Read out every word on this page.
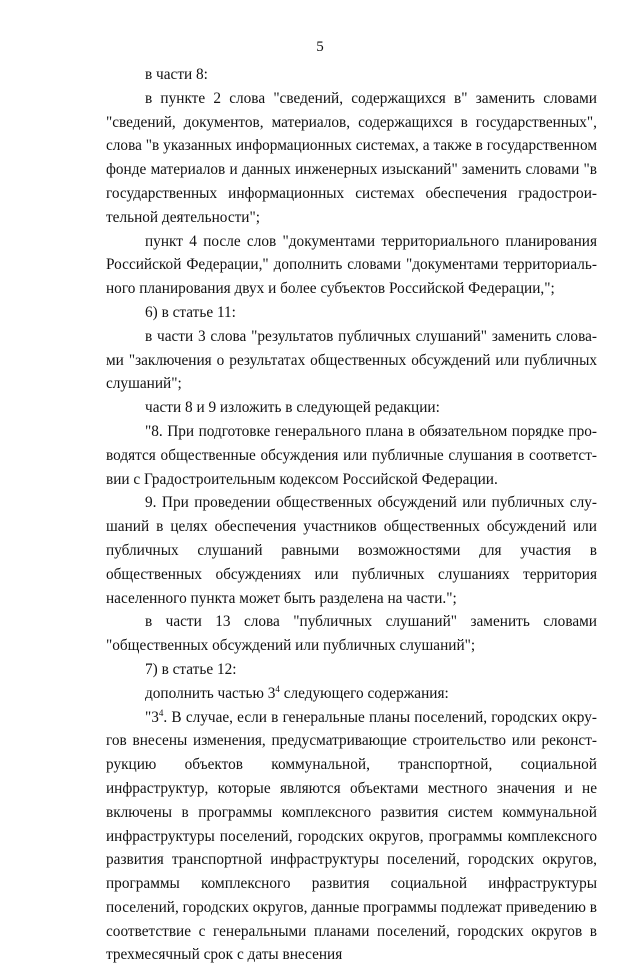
5

в части 8:

в пункте 2 слова "сведений, содержащихся в" заменить словами "сведений, документов, материалов, содержащихся в государственных", слова "в указанных информационных системах, а также в государственном фонде материалов и данных инженерных изысканий" заменить словами "в государственных информационных системах обеспечения градостроительной деятельности";

пункт 4 после слов "документами территориального планирования Российской Федерации," дополнить словами "документами территориального планирования двух и более субъектов Российской Федерации,";

6) в статье 11:

в части 3 слова "результатов публичных слушаний" заменить словами "заключения о результатах общественных обсуждений или публичных слушаний";

части 8 и 9 изложить в следующей редакции:

"8. При подготовке генерального плана в обязательном порядке проводятся общественные обсуждения или публичные слушания в соответствии с Градостроительным кодексом Российской Федерации.

9. При проведении общественных обсуждений или публичных слушаний в целях обеспечения участников общественных обсуждений или публичных слушаний равными возможностями для участия в общественных обсуждениях или публичных слушаниях территория населенного пункта может быть разделена на части.";

в части 13 слова "публичных слушаний" заменить словами "общественных обсуждений или публичных слушаний";

7) в статье 12:

дополнить частью $3^4$ следующего содержания:

"$3^4$. В случае, если в генеральные планы поселений, городских округов внесены изменения, предусматривающие строительство или реконструкцию объектов коммунальной, транспортной, социальной инфраструктур, которые являются объектами местного значения и не включены в программы комплексного развития систем коммунальной инфраструктуры поселений, городских округов, программы комплексного развития транспортной инфраструктуры поселений, городских округов, программы комплексного развития социальной инфраструктуры поселений, городских округов, данные программы подлежат приведению в соответствие с генеральными планами поселений, городских округов в трехмесячный срок с даты внесения
